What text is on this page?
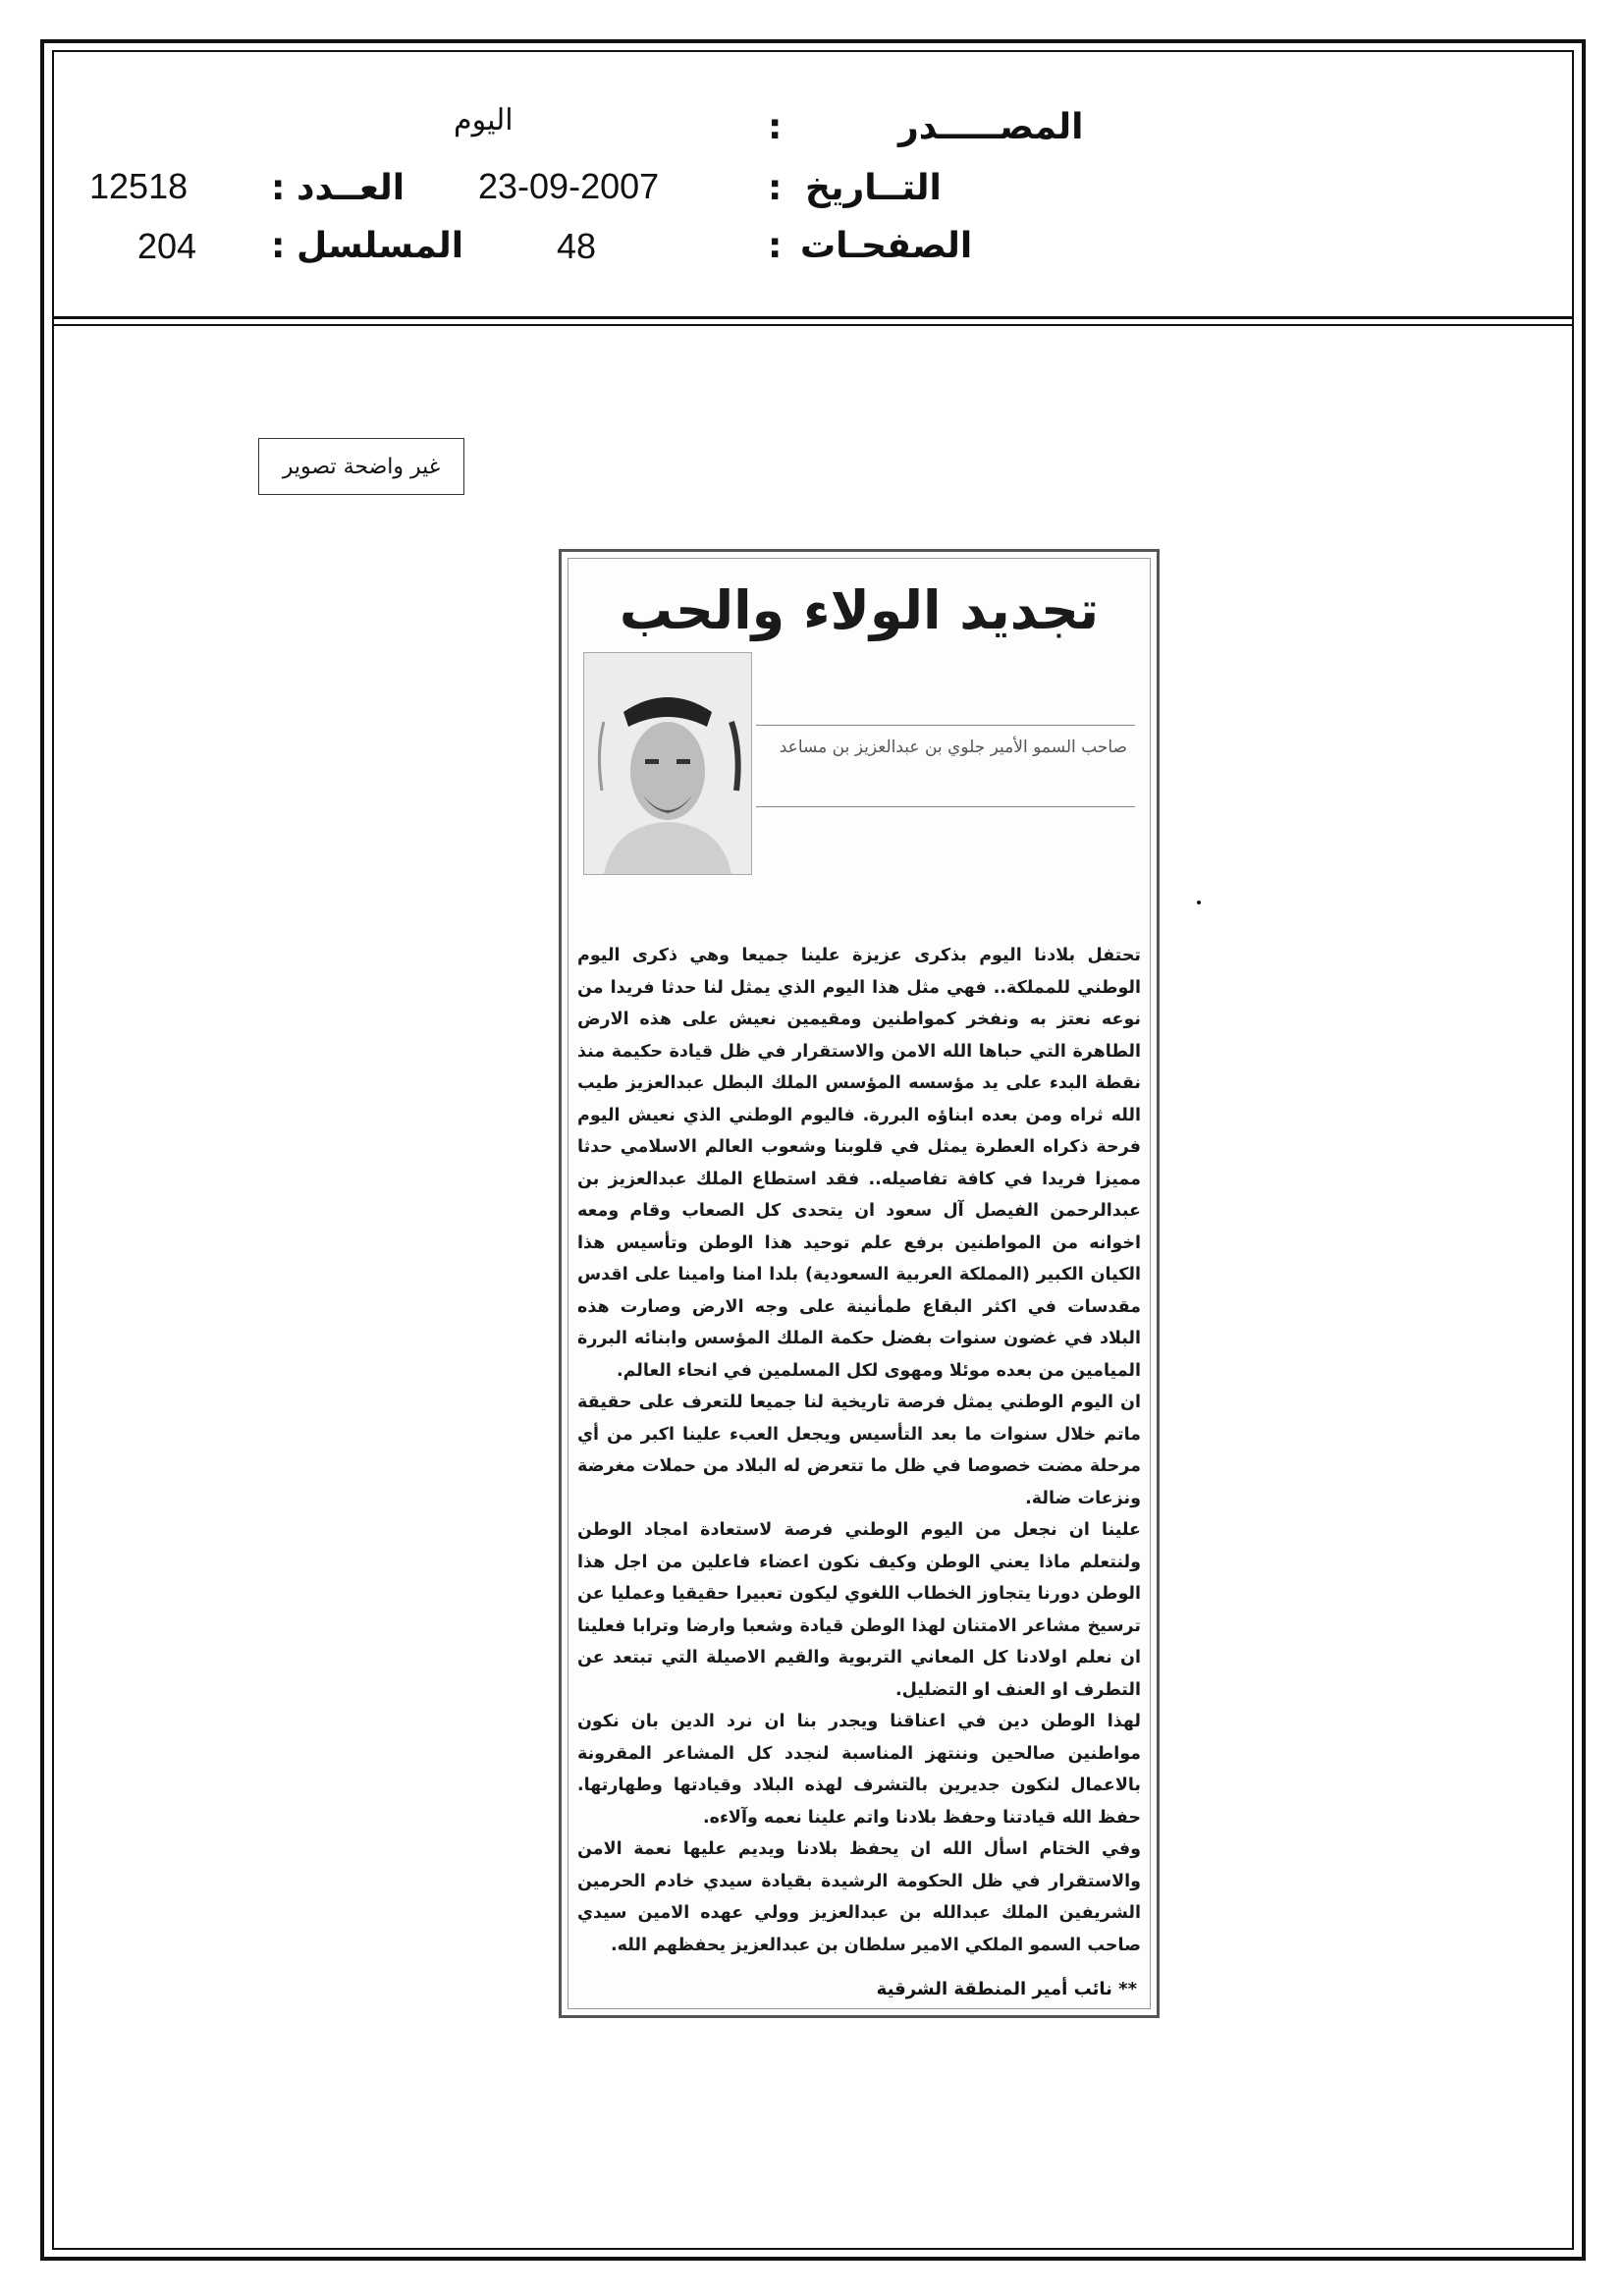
المصـــــدر
:
اليوم
التــاريخ
:
23-09-2007
العــدد
:
12518
الصفحـات
:
48
المسلسل
:
204
غير واضحة تصوير
تجديد الولاء والحب
صاحب السمو الأمير جلوي بن عبدالعزيز بن مساعد

تحتفل بلادنا اليوم بذكرى عزيزة علينا جميعا وهي ذكرى اليوم الوطني للمملكة.. فهي مثل هذا اليوم الذي يمثل لنا حدثا فريدا من نوعه نعتز به ونفخر كمواطنين ومقيمين نعيش على هذه الارض الطاهرة التي حباها الله الامن والاستقرار في ظل قيادة حكيمة منذ نقطة البدء على يد مؤسسه المؤسس الملك البطل عبدالعزيز طيب الله ثراه ومن بعده ابناؤه البررة. فاليوم الوطني الذي نعيش اليوم فرحة ذكراه العطرة يمثل في قلوبنا وشعوب العالم الاسلامي حدثا مميزا فريدا في كافة تفاصيله.. فقد استطاع الملك عبدالعزيز بن عبدالرحمن الفيصل آل سعود ان يتحدى كل الصعاب وقام ومعه اخوانه من المواطنين برفع علم توحيد هذا الوطن وتأسيس هذا الكيان الكبير (المملكة العربية السعودية) بلدا امنا وامينا على اقدس مقدسات في اكثر البقاع طمأنينة على وجه الارض وصارت هذه البلاد في غضون سنوات بفضل حكمة الملك المؤسس وابنائه البررة الميامين من بعده موئلا ومهوى لكل المسلمين في انحاء العالم.

ان اليوم الوطني يمثل فرصة تاريخية لنا جميعا للتعرف على حقيقة ماتم خلال سنوات ما بعد التأسيس ويجعل العبء علينا اكبر من أي مرحلة مضت خصوصا في ظل ما تتعرض له البلاد من حملات مغرضة ونزعات ضالة.

علينا ان نجعل من اليوم الوطني فرصة لاستعادة امجاد الوطن ولنتعلم ماذا يعني الوطن وكيف نكون اعضاء فاعلين من اجل هذا الوطن دورنا يتجاوز الخطاب اللغوي ليكون تعبيرا حقيقيا وعمليا عن ترسيخ مشاعر الامتنان لهذا الوطن قيادة وشعبا وارضا وترابا فعلينا ان نعلم اولادنا كل المعاني التربوية والقيم الاصيلة التي تبتعد عن التطرف او العنف او التضليل.

لهذا الوطن دين في اعناقنا ويجدر بنا ان نرد الدين بان نكون مواطنين صالحين وننتهز المناسبة لنجدد كل المشاعر المقرونة بالاعمال لنكون جديرين بالتشرف لهذه البلاد وقيادتها وطهارتها. حفظ الله قيادتنا وحفظ بلادنا واتم علينا نعمه وآلاءه.

وفي الختام اسأل الله ان يحفظ بلادنا ويديم عليها نعمة الامن والاستقرار في ظل الحكومة الرشيدة بقيادة سيدي خادم الحرمين الشريفين الملك عبدالله بن عبدالعزيز وولي عهده الامين سيدي صاحب السمو الملكي الامير سلطان بن عبدالعزيز يحفظهم الله.

** نائب أمير المنطقة الشرقية
